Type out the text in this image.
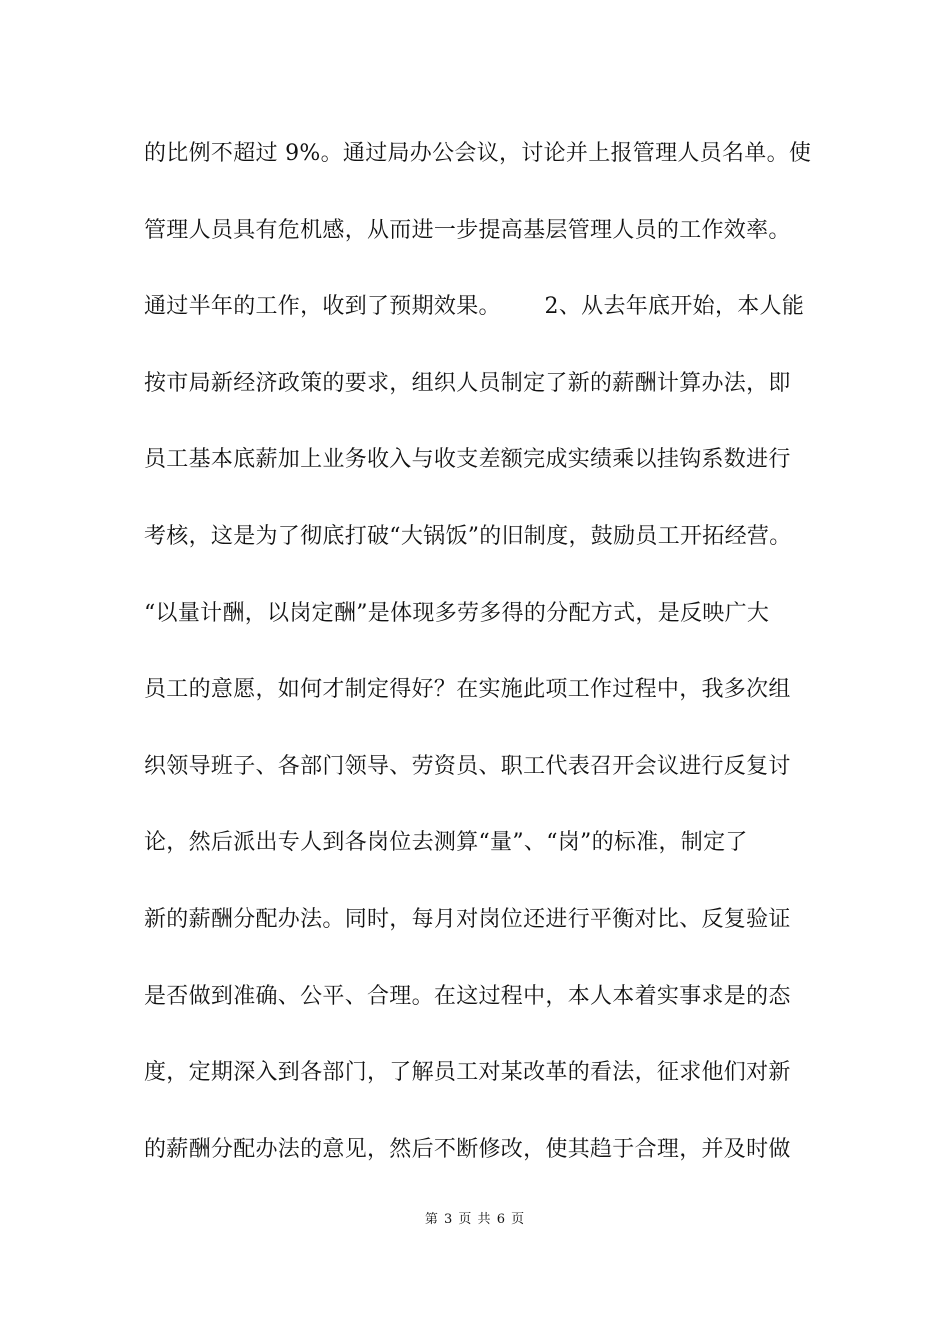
的比例不超过 9%。通过局办公会议，讨论并上报管理人员名单。使
管理人员具有危机感，从而进一步提高基层管理人员的工作效率。
通过半年的工作，收到了预期效果。      2、从去年底开始，本人能
按市局新经济政策的要求，组织人员制定了新的薪酬计算办法，即
员工基本底薪加上业务收入与收支差额完成实绩乘以挂钩系数进行
考核，这是为了彻底打破“大锅饭”的旧制度，鼓励员工开拓经营。
“以量计酬，以岗定酬”是体现多劳多得的分配方式，是反映广大
员工的意愿，如何才制定得好？在实施此项工作过程中，我多次组
织领导班子、各部门领导、劳资员、职工代表召开会议进行反复讨
论，然后派出专人到各岗位去测算“量”、“岗”的标准，制定了
新的薪酬分配办法。同时，每月对岗位还进行平衡对比、反复验证
是否做到准确、公平、合理。在这过程中，本人本着实事求是的态
度，定期深入到各部门，了解员工对某改革的看法，征求他们对新
的薪酬分配办法的意见，然后不断修改，使其趋于合理，并及时做
第 3 页 共 6 页
